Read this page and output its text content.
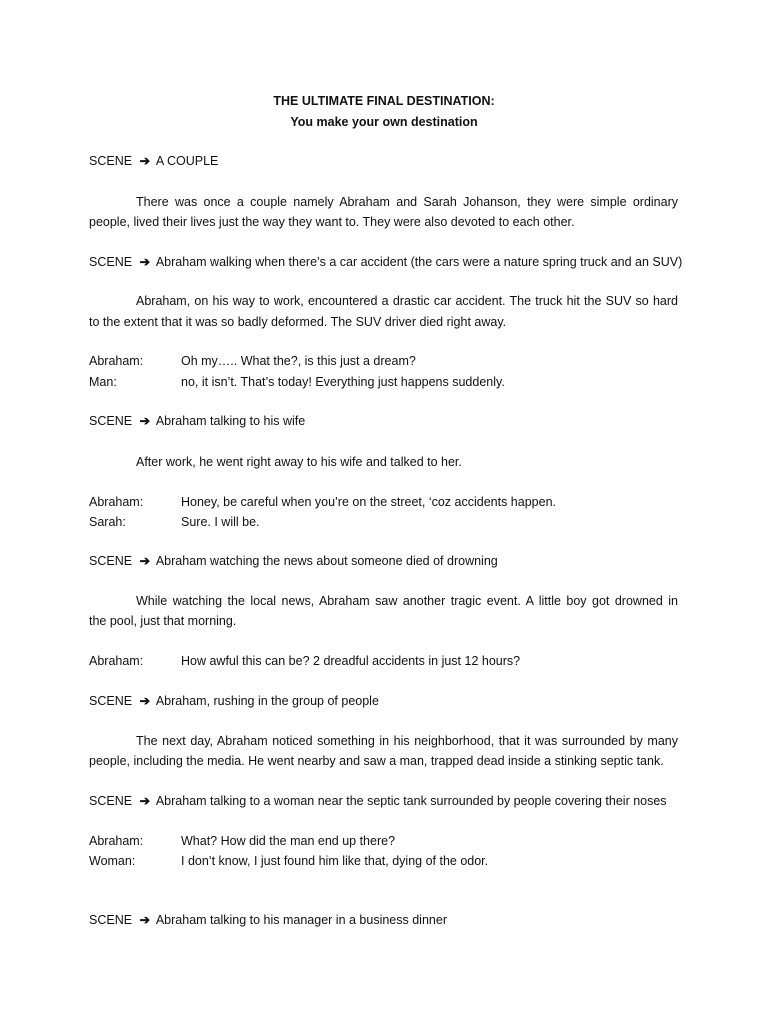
THE ULTIMATE FINAL DESTINATION:
You make your own destination
SCENE ➔ A COUPLE
There was once a couple namely Abraham and Sarah Johanson, they were simple ordinary
people, lived their lives just the way they want to. They were also devoted to each other.
SCENE ➔ Abraham walking when there’s a car accident (the cars were a nature spring truck and an SUV)
Abraham, on his way to work, encountered a drastic car accident. The truck hit the SUV so hard
to the extent that it was so badly deformed. The SUV driver died right away.
Abraham:	Oh my….. What the?, is this just a dream?
Man:	no, it isn’t. That’s today! Everything just happens suddenly.
SCENE ➔ Abraham talking to his wife
After work, he went right away to his wife and talked to her.
Abraham:	Honey, be careful when you’re on the street, ‘coz accidents happen.
Sarah:	Sure. I will be.
SCENE ➔ Abraham watching the news about someone died of drowning
While watching the local news, Abraham saw another tragic event. A little boy got drowned in
the pool, just that morning.
Abraham:	How awful this can be? 2 dreadful accidents in just 12 hours?
SCENE ➔ Abraham, rushing in the group of people
The next day, Abraham noticed something in his neighborhood, that it was surrounded by many
people, including the media. He went nearby and saw a man, trapped dead inside a stinking septic tank.
SCENE ➔ Abraham talking to a woman near the septic tank surrounded by people covering their noses
Abraham:	What? How did the man end up there?
Woman:	I don’t know, I just found him like that, dying of the odor.
SCENE ➔ Abraham talking to his manager in a business dinner
